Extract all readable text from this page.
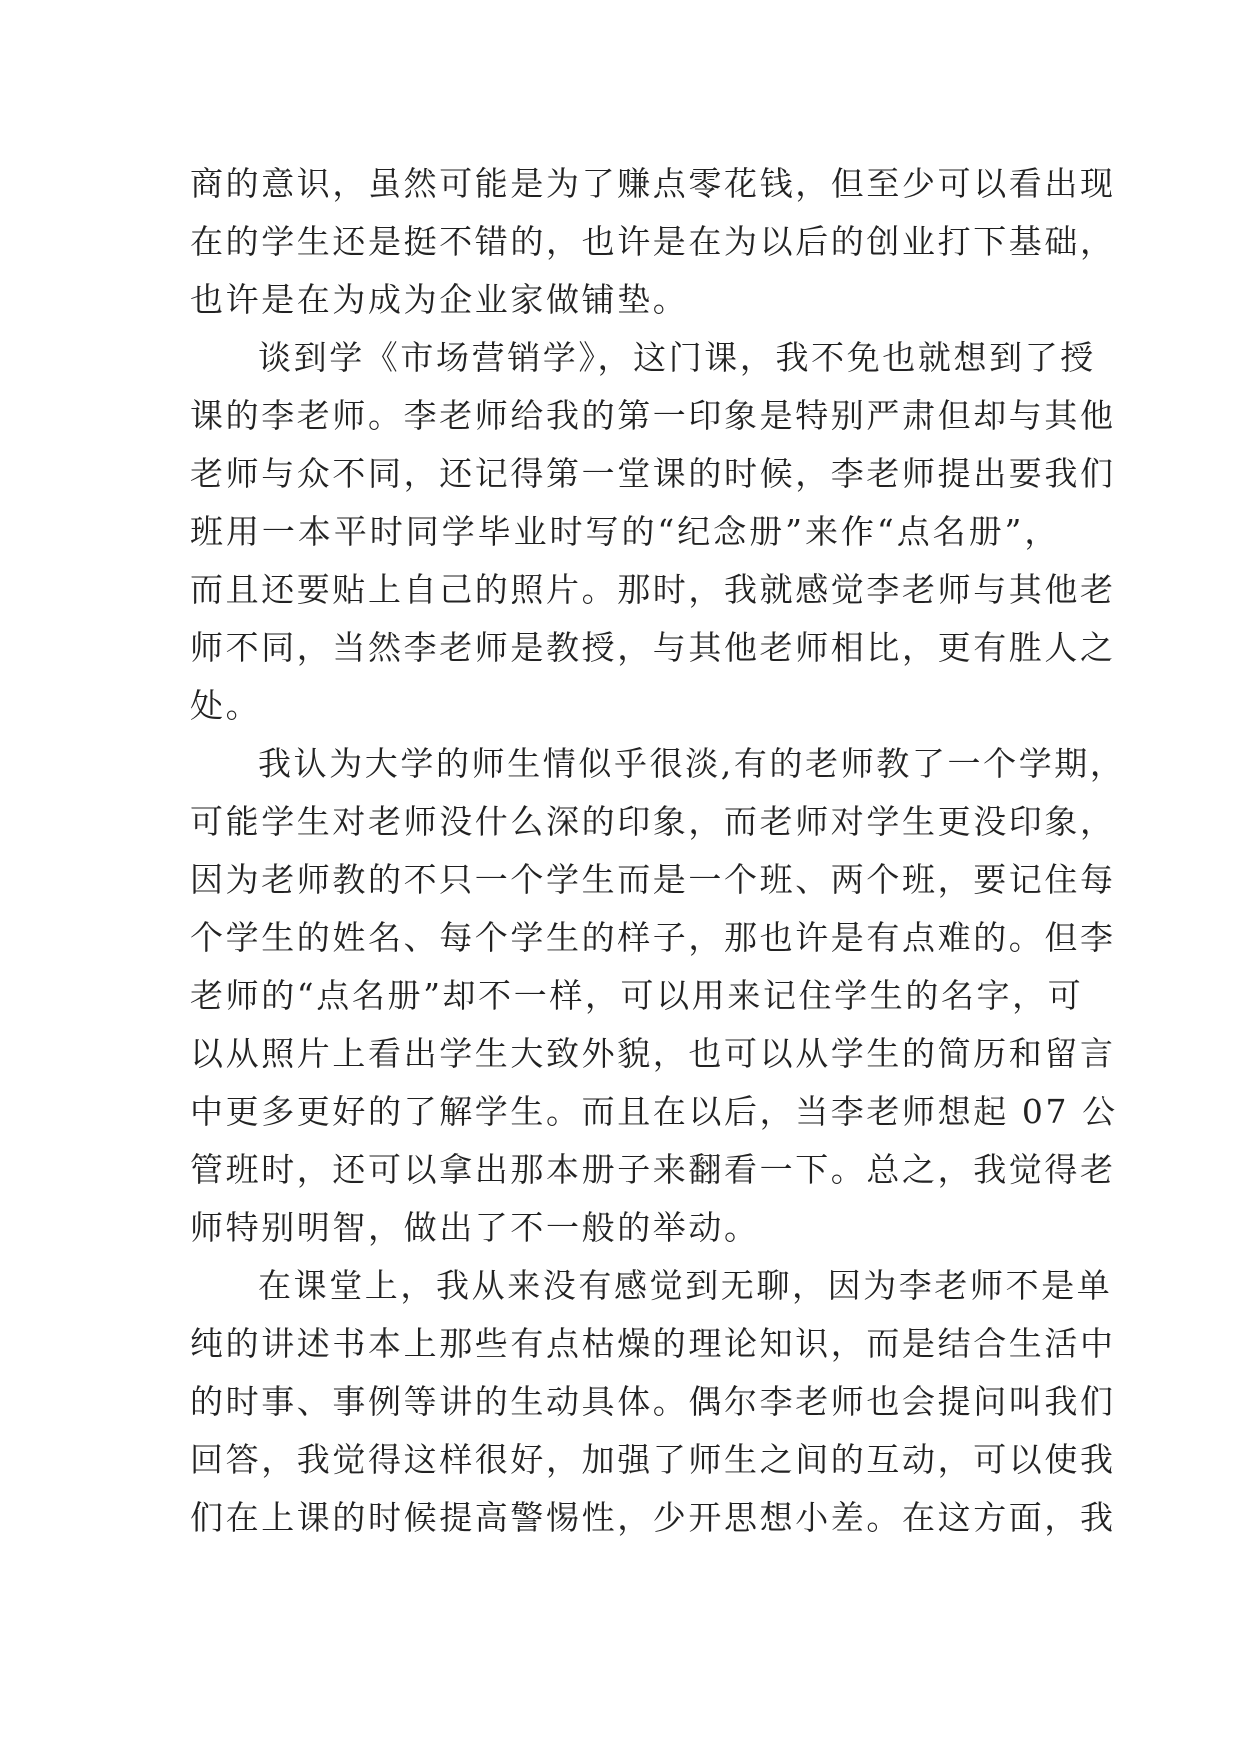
商的意识，虽然可能是为了赚点零花钱，但至少可以看出现
在的学生还是挺不错的，也许是在为以后的创业打下基础，
也许是在为成为企业家做铺垫。
谈到学《市场营销学》，这门课，我不免也就想到了授
课的李老师。李老师给我的第一印象是特别严肃但却与其他
老师与众不同，还记得第一堂课的时候，李老师提出要我们
班用一本平时同学毕业时写的“纪念册”来作“点名册”，
而且还要贴上自己的照片。那时，我就感觉李老师与其他老
师不同，当然李老师是教授，与其他老师相比，更有胜人之
处。
我认为大学的师生情似乎很淡,有的老师教了一个学期，
可能学生对老师没什么深的印象，而老师对学生更没印象，
因为老师教的不只一个学生而是一个班、两个班，要记住每
个学生的姓名、每个学生的样子，那也许是有点难的。但李
老师的“点名册”却不一样，可以用来记住学生的名字，可
以从照片上看出学生大致外貌，也可以从学生的简历和留言
中更多更好的了解学生。而且在以后，当李老师想起 07 公
管班时，还可以拿出那本册子来翻看一下。总之，我觉得老
师特别明智，做出了不一般的举动。
在课堂上，我从来没有感觉到无聊，因为李老师不是单
纯的讲述书本上那些有点枯燥的理论知识，而是结合生活中
的时事、事例等讲的生动具体。偶尔李老师也会提问叫我们
回答，我觉得这样很好，加强了师生之间的互动，可以使我
们在上课的时候提高警惕性，少开思想小差。在这方面，我
